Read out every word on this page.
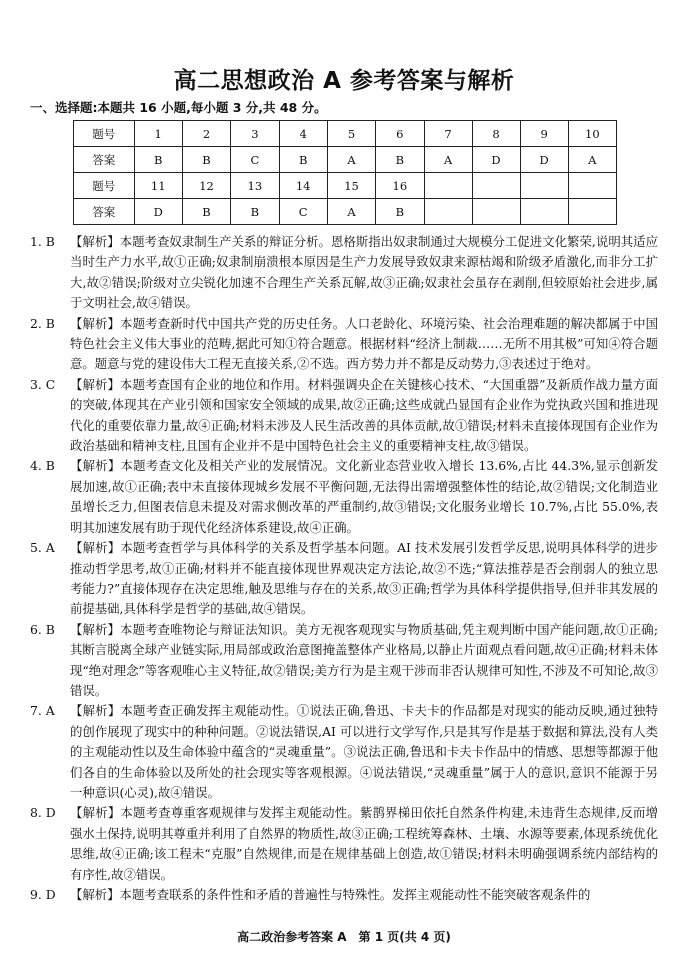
高二思想政治 A 参考答案与解析
一、选择题:本题共 16 小题,每小题 3 分,共 48 分。
题号	1	2	3	4	5	6	7	8	9	10
答案	B	B	C	B	A	B	A	D	D	A
题号	11	12	13	14	15	16				
答案	D	B	B	C	A	B				
1. B	【解析】本题考查奴隶制生产关系的辩证分析。恩格斯指出奴隶制通过大规模分工促进文化繁荣,说明其适应当时生产力水平,故①正确;奴隶制崩溃根本原因是生产力发展导致奴隶来源枯竭和阶级矛盾激化,而非分工扩大,故②错误;阶级对立尖锐化加速不合理生产关系瓦解,故③正确;奴隶社会虽存在剥削,但较原始社会进步,属于文明社会,故④错误。
2. B	【解析】本题考查新时代中国共产党的历史任务。人口老龄化、环境污染、社会治理难题的解决都属于中国特色社会主义伟大事业的范畴,据此可知①符合题意。根据材料“经济上制裁……无所不用其极”可知④符合题意。题意与党的建设伟大工程无直接关系,②不选。西方势力并不都是反动势力,③表述过于绝对。
3. C	【解析】本题考查国有企业的地位和作用。材料强调央企在关键核心技术、“大国重器”及新质作战力量方面的突破,体现其在产业引领和国家安全领域的成果,故②正确;这些成就凸显国有企业作为党执政兴国和推进现代化的重要依靠力量,故④正确;材料未涉及人民生活改善的具体贡献,故①错误;材料未直接体现国有企业作为政治基础和精神支柱,且国有企业并不是中国特色社会主义的重要精神支柱,故③错误。
4. B	【解析】本题考查文化及相关产业的发展情况。文化新业态营业收入增长 13.6%,占比 44.3%,显示创新发展加速,故①正确;表中未直接体现城乡发展不平衡问题,无法得出需增强整体性的结论,故②错误;文化制造业虽增长乏力,但图表信息未提及对需求侧改革的严重制约,故③错误;文化服务业增长 10.7%,占比 55.0%,表明其加速发展有助于现代化经济体系建设,故④正确。
5. A	【解析】本题考查哲学与具体科学的关系及哲学基本问题。AI 技术发展引发哲学反思,说明具体科学的进步推动哲学思考,故①正确;材料并不能直接体现世界观决定方法论,故②不选;“算法推荐是否会削弱人的独立思考能力?”直接体现存在决定思维,触及思维与存在的关系,故③正确;哲学为具体科学提供指导,但并非其发展的前提基础,具体科学是哲学的基础,故④错误。
6. B	【解析】本题考查唯物论与辩证法知识。美方无视客观现实与物质基础,凭主观判断中国产能问题,故①正确;其断言脱离全球产业链实际,用局部或政治意图掩盖整体产业格局,以静止片面观点看问题,故④正确;材料未体现“绝对理念”等客观唯心主义特征,故②错误;美方行为是主观干涉而非否认规律可知性,不涉及不可知论,故③错误。
7. A	【解析】本题考查正确发挥主观能动性。①说法正确,鲁迅、卡夫卡的作品都是对现实的能动反映,通过独特的创作展现了现实中的种种问题。②说法错误,AI 可以进行文学写作,只是其写作是基于数据和算法,没有人类的主观能动性以及生命体验中蕴含的“灵魂重量”。③说法正确,鲁迅和卡夫卡作品中的情感、思想等都源于他们各自的生命体验以及所处的社会现实等客观根源。④说法错误,“灵魂重量”属于人的意识,意识不能源于另一种意识(心灵),故④错误。
8. D	【解析】本题考查尊重客观规律与发挥主观能动性。紫鹊界梯田依托自然条件构建,未违背生态规律,反而增强水土保持,说明其尊重并利用了自然界的物质性,故③正确;工程统筹森林、土壤、水源等要素,体现系统优化思维,故④正确;该工程未“克服”自然规律,而是在规律基础上创造,故①错误;材料未明确强调系统内部结构的有序性,故②错误。
9. D	【解析】本题考查联系的条件性和矛盾的普遍性与特殊性。发挥主观能动性不能突破客观条件的
高二政治参考答案 A　第 1 页(共 4 页)
